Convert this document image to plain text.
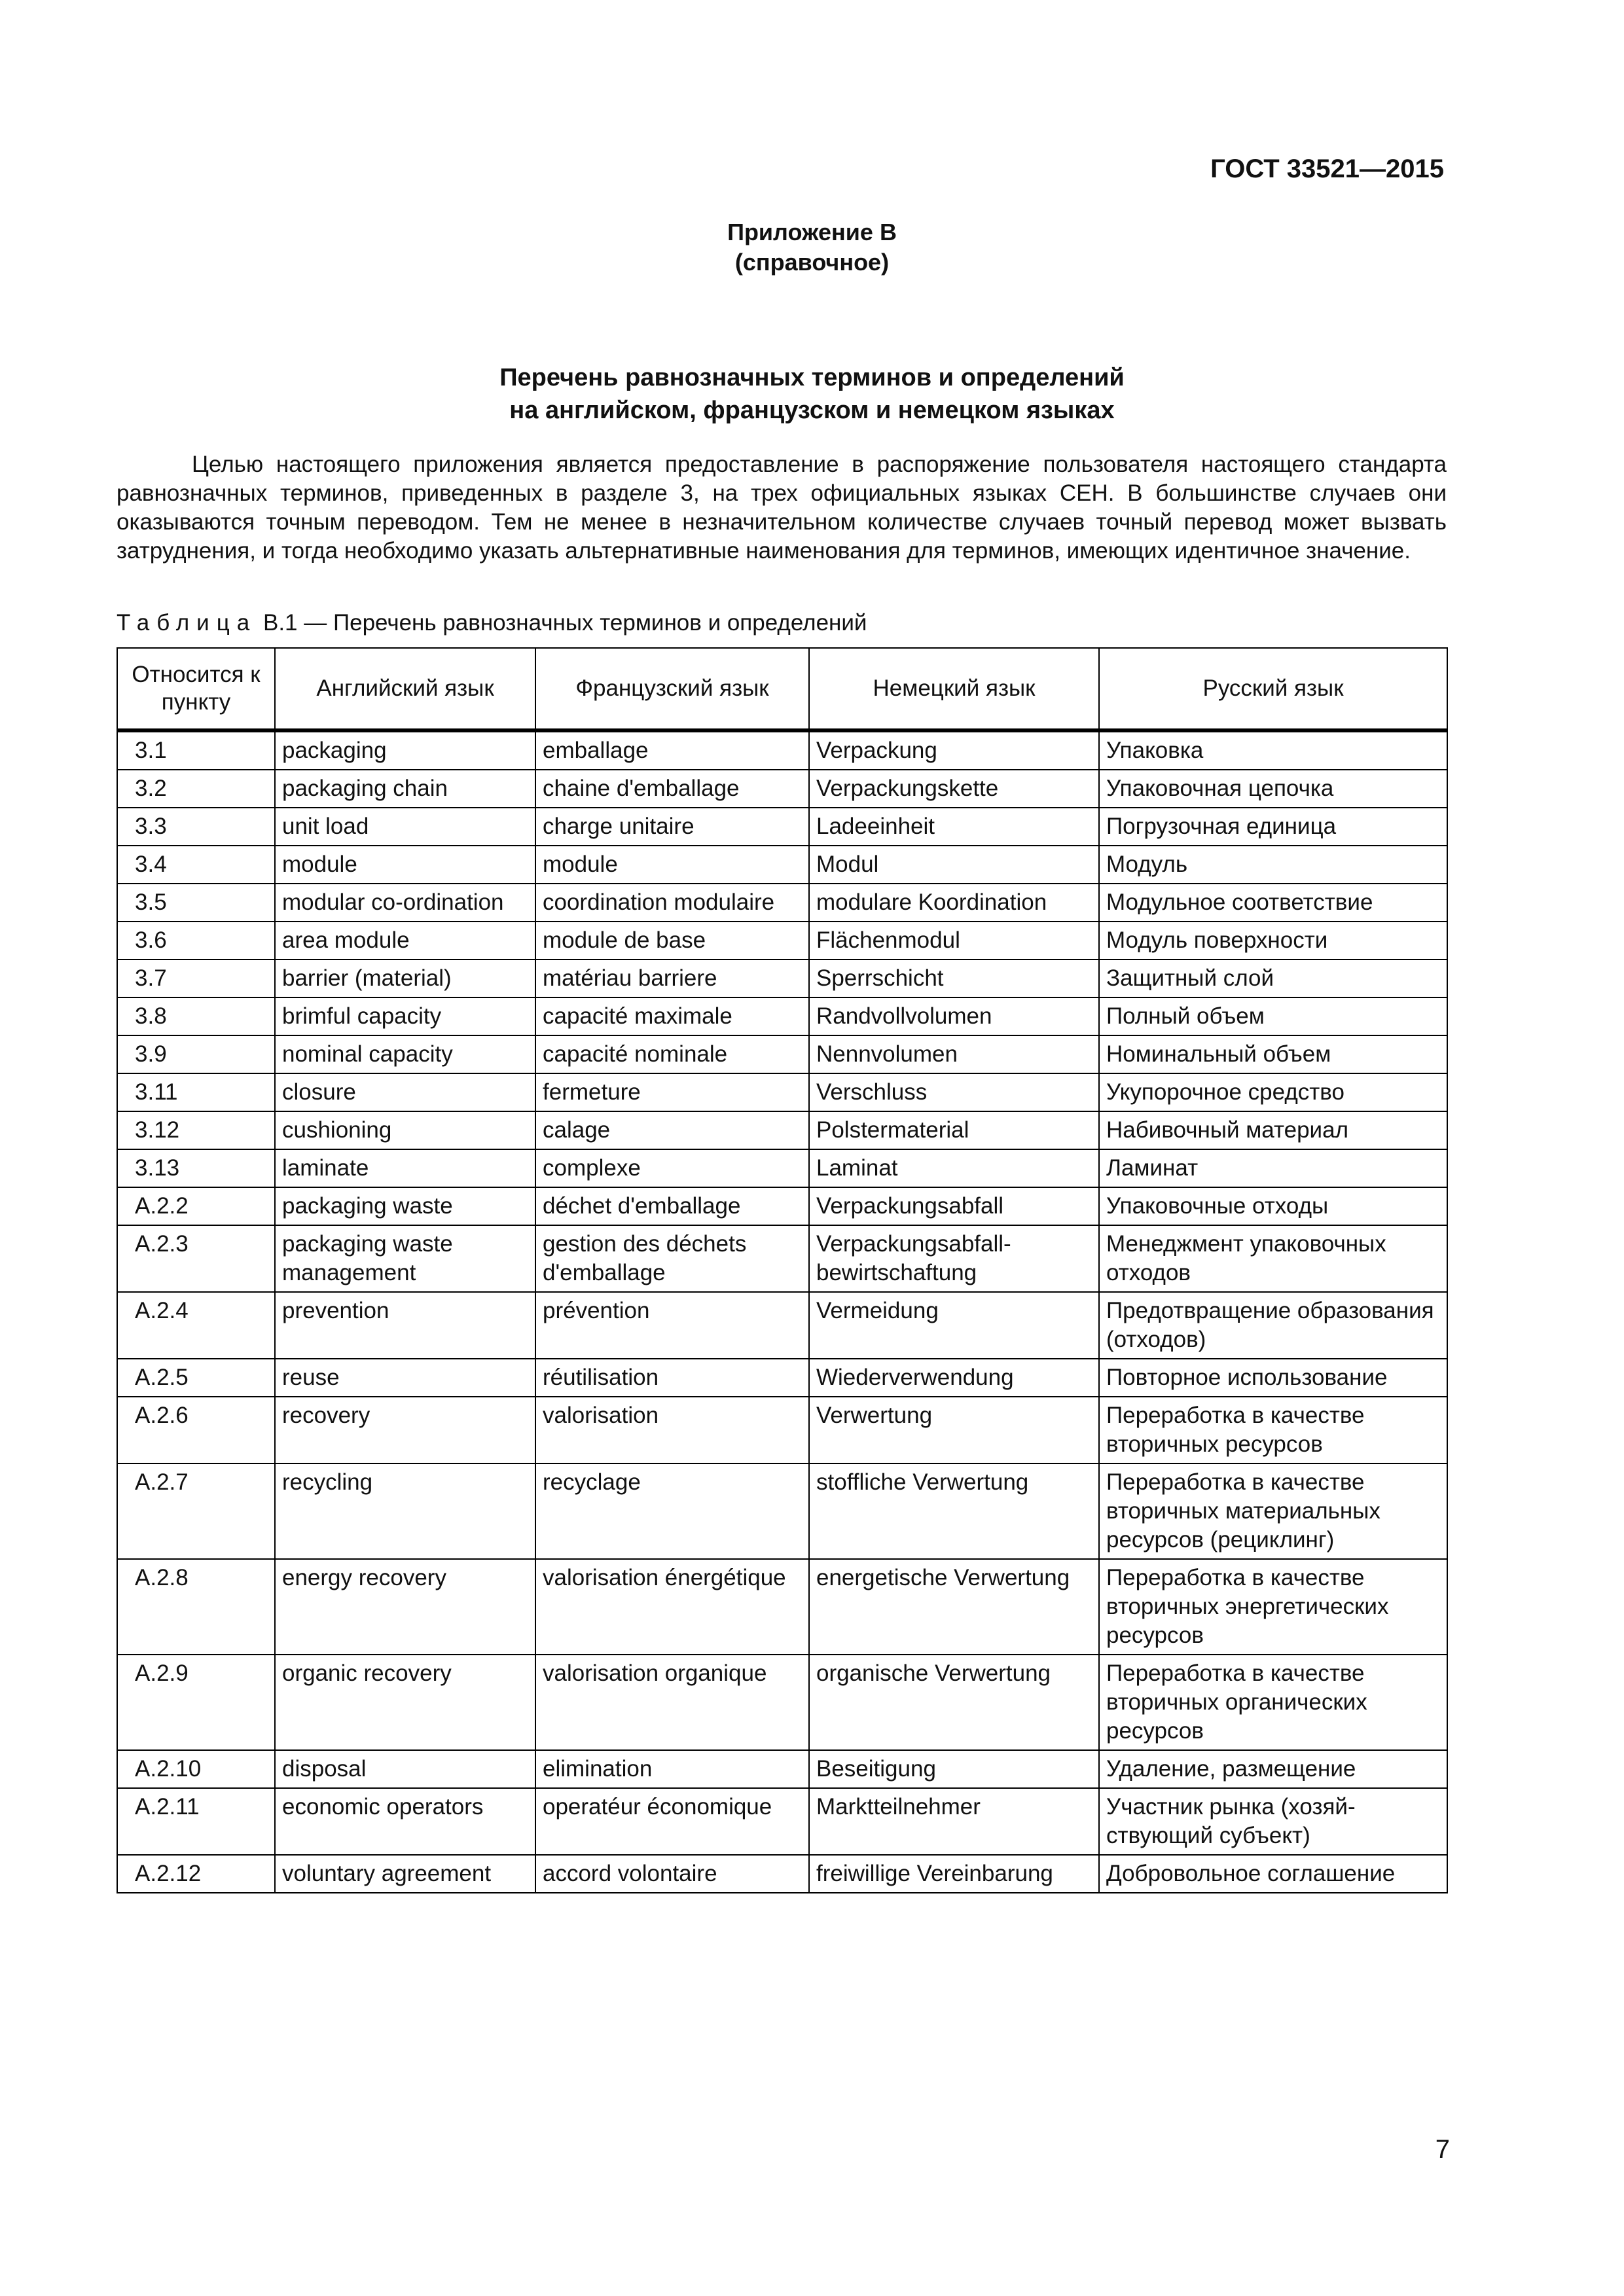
ГОСТ 33521—2015
Приложение В
(справочное)
Перечень равнозначных терминов и определений
на английском, французском и немецком языках

Целью настоящего приложения является предоставление в распоряжение пользователя настоящего стандарта равнозначных терминов, приведенных в разделе 3, на трех официальных языках СЕН. В большинстве случаев они оказываются точным переводом. Тем не менее в незначительном количестве случаев точный перевод может вызвать затруднения, и тогда необходимо указать альтернативные наименования для терминов, имеющих идентичное значение.

Таблица В.1 — Перечень равнозначных терминов и определений
Относится к пункту	Английский язык	Французский язык	Немецкий язык	Русский язык
3.1	packaging	emballage	Verpackung	Упаковка
3.2	packaging chain	chaine d'emballage	Verpackungskette	Упаковочная цепочка
3.3	unit load	charge unitaire	Ladeeinheit	Погрузочная единица
3.4	module	module	Modul	Модуль
3.5	modular co-ordination	coordination modulaire	modulare Koordination	Модульное соответствие
3.6	area module	module de base	Flächenmodul	Модуль поверхности
3.7	barrier (material)	matériau barriere	Sperrschicht	Защитный слой
3.8	brimful capacity	capacité maximale	Randvollvolumen	Полный объем
3.9	nominal capacity	capacité nominale	Nennvolumen	Номинальный объем
3.11	closure	fermeture	Verschluss	Укупорочное средство
3.12	cushioning	calage	Polstermaterial	Набивочный материал
3.13	laminate	complexe	Laminat	Ламинат
A.2.2	packaging waste	déchet d'emballage	Verpackungsabfall	Упаковочные отходы
A.2.3	packaging waste management	gestion des déchets d'emballage	Verpackungsabfallbewirtschaftung	Менеджмент упаковочных отходов
A.2.4	prevention	prévention	Vermeidung	Предотвращение образования (отходов)
A.2.5	reuse	réutilisation	Wiederverwendung	Повторное использование
A.2.6	recovery	valorisation	Verwertung	Переработка в качестве вторичных ресурсов
A.2.7	recycling	recyclage	stoffliche Verwertung	Переработка в качестве вторичных материальных ресурсов (рециклинг)
A.2.8	energy recovery	valorisation énergétique	energetische Verwertung	Переработка в качестве вторичных энергетических ресурсов
A.2.9	organic recovery	valorisation organique	organische Verwertung	Переработка в качестве вторичных органических ресурсов
A.2.10	disposal	elimination	Beseitigung	Удаление, размещение
A.2.11	economic operators	operatéur économique	Marktteilnehmer	Участник рынка (хозяйствующий субъект)
A.2.12	voluntary agreement	accord volontaire	freiwillige Vereinbarung	Добровольное соглашение
7
